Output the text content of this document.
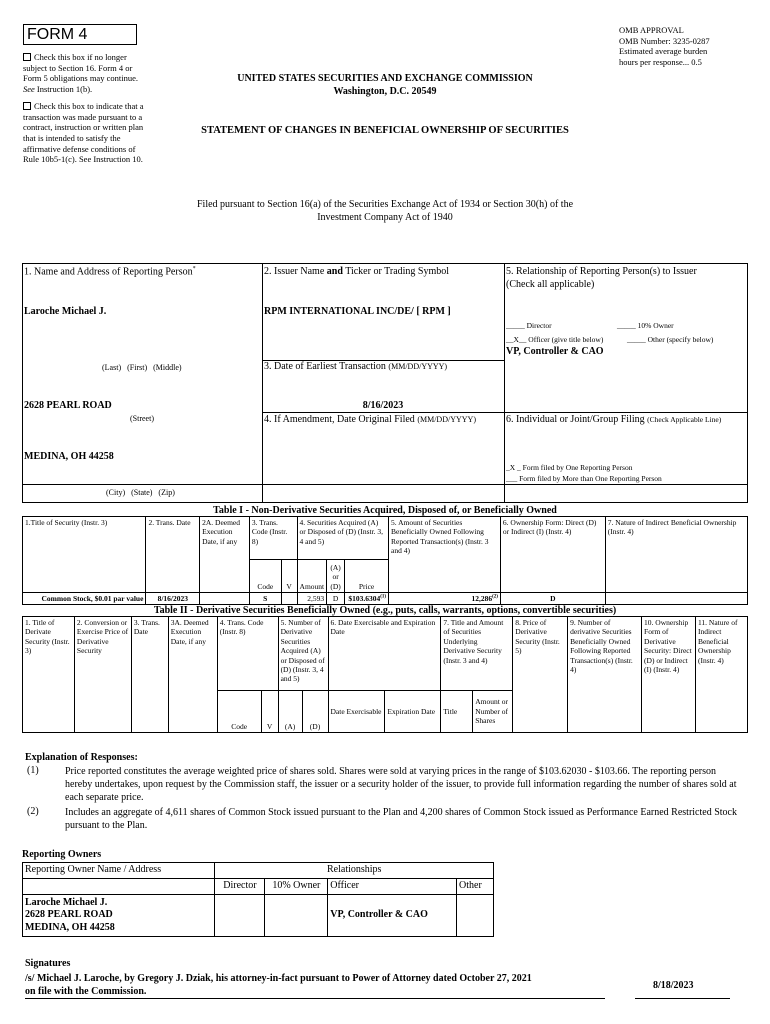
FORM 4	OMB APPROVAL
OMB Number: 3235-0287
Estimated average burden
hours per response... 0.5
Check this box if no longer subject to Section 16. Form 4 or Form 5 obligations may continue. See Instruction 1(b).
Check this box to indicate that a transaction was made pursuant to a contract, instruction or written plan that is intended to satisfy the affirmative defense conditions of Rule 10b5-1(c). See Instruction 10.
UNITED STATES SECURITIES AND EXCHANGE COMMISSION
Washington, D.C. 20549
STATEMENT OF CHANGES IN BENEFICIAL OWNERSHIP OF SECURITIES
Filed pursuant to Section 16(a) of the Securities Exchange Act of 1934 or Section 30(h) of the
Investment Company Act of 1940
1. Name and Address of Reporting Person*
Laroche Michael J.
(Last)   (First)   (Middle)
2628 PEARL ROAD
(Street)
MEDINA, OH 44258
(City)   (State)   (Zip)
2. Issuer Name and Ticker or Trading Symbol
RPM INTERNATIONAL INC/DE/ [ RPM ]
3. Date of Earliest Transaction (MM/DD/YYYY)
8/16/2023
4. If Amendment, Date Original Filed (MM/DD/YYYY)
5. Relationship of Reporting Person(s) to Issuer
(Check all applicable)
_____ Director	_____ 10% Owner
__X__ Officer (give title below)	_____ Other (specify below)
VP, Controller & CAO
6. Individual or Joint/Group Filing (Check Applicable Line)
_X _ Form filed by One Reporting Person
___ Form filed by More than One Reporting Person
Table I - Non-Derivative Securities Acquired, Disposed of, or Beneficially Owned
1.Title of Security (Instr. 3)	2. Trans. Date	2A. Deemed Execution Date, if any	3. Trans. Code (Instr. 8)		4. Securities Acquired (A) or Disposed of (D) (Instr. 3, 4 and 5)			5. Amount of Securities Beneficially Owned Following Reported Transaction(s) (Instr. 3 and 4)	6. Ownership Form: Direct (D) or Indirect (I) (Instr. 4)	7. Nature of Indirect Beneficial Ownership (Instr. 4)
			Code	V	Amount	(A) or (D)	Price			
Common Stock, $0.01 par value	8/16/2023		S		2,593	D	$103.6304$^{(1)}$	12,286$^{(2)}$	D	
Table II - Derivative Securities Beneficially Owned (e.g., puts, calls, warrants, options, convertible securities)
1. Title of Derivate Security (Instr. 3)	2. Conversion or Exercise Price of Derivative Security	3. Trans. Date	3A. Deemed Execution Date, if any	4. Trans. Code (Instr. 8)		5. Number of Derivative Securities Acquired (A) or Disposed of (D) (Instr. 3, 4 and 5)		6. Date Exercisable and Expiration Date		7. Title and Amount of Securities Underlying Derivative Security (Instr. 3 and 4)		8. Price of Derivative Security (Instr. 5)	9. Number of derivative Securities Beneficially Owned Following Reported Transaction(s) (Instr. 4)	10. Ownership Form of Derivative Security: Direct (D) or Indirect (I) (Instr. 4)	11. Nature of Indirect Beneficial Ownership (Instr. 4)
				Code	V	(A)	(D)	Date Exercisable	Expiration Date	Title	Amount or Number of Shares				
Explanation of Responses:
(1)	Price reported constitutes the average weighted price of shares sold. Shares were sold at varying prices in the range of $103.62030 - $103.66. The reporting person hereby undertakes, upon request by the Commission staff, the issuer or a security holder of the issuer, to provide full information regarding the number of shares sold at each separate price.
(2)	Includes an aggregate of 4,611 shares of Common Stock issued pursuant to the Plan and 4,200 shares of Common Stock issued as Performance Earned Restricted Stock pursuant to the Plan.
Reporting Owners
Reporting Owner Name / Address	Relationships			
	Director	10% Owner	Officer	Other

Laroche Michael J.
2628 PEARL ROAD
MEDINA, OH 44258			VP, Controller & CAO	
Signatures
/s/ Michael J. Laroche, by Gregory J. Dziak, his attorney-in-fact pursuant to Power of Attorney dated October 27, 2021
on file with the Commission.	8/18/2023
